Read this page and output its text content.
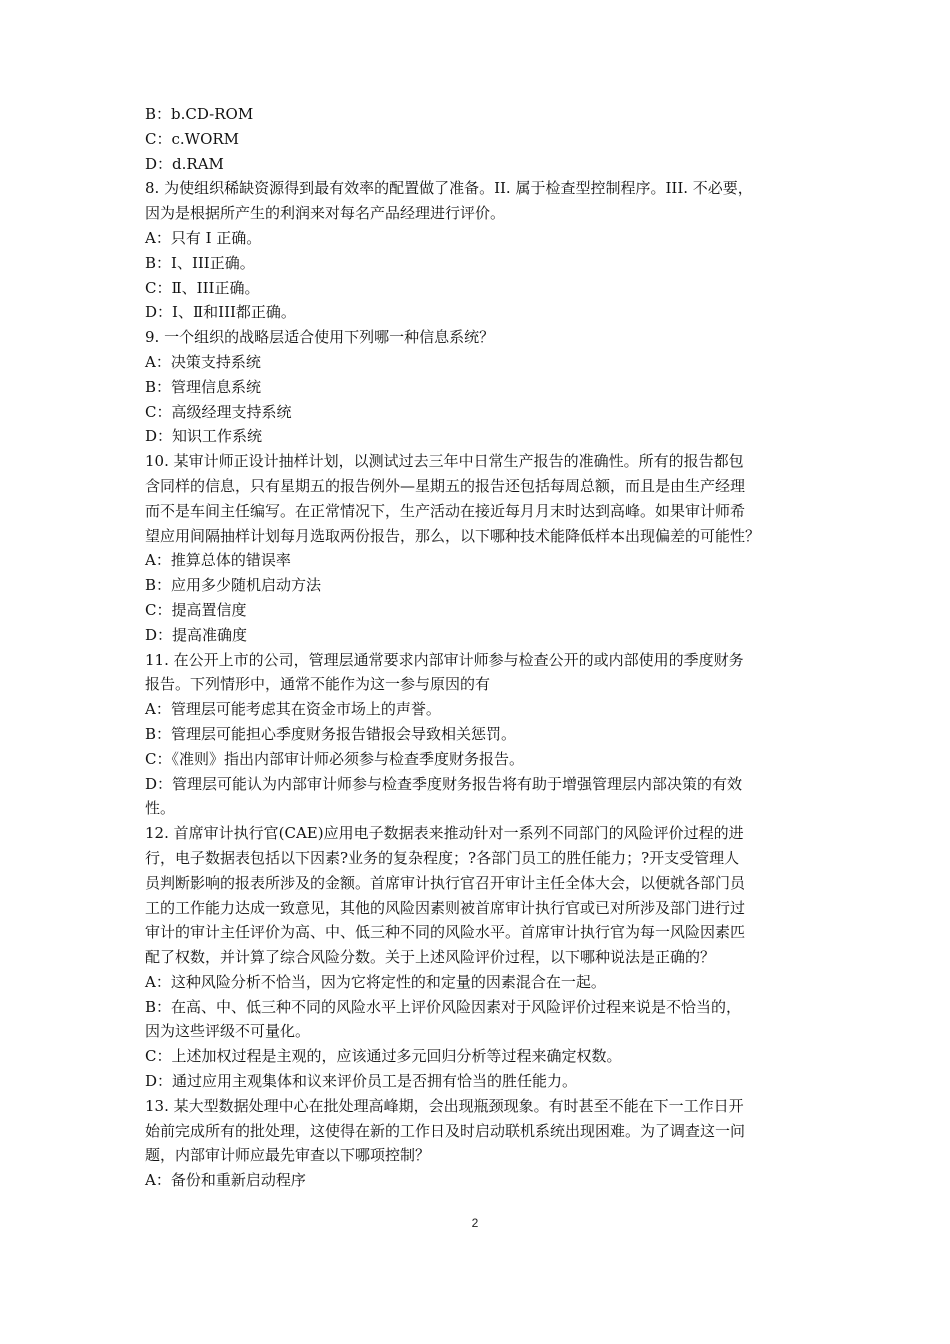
B：b.CD-ROM
C：c.WORM
D：d.RAM
8. 为使组织稀缺资源得到最有效率的配置做了准备。II. 属于检查型控制程序。III. 不必要，
因为是根据所产生的利润来对每名产品经理进行评价。
A：只有 I 正确。
B：I、III正确。
C：Ⅱ、III正确。
D：I、Ⅱ和III都正确。
9. 一个组织的战略层适合使用下列哪一种信息系统？
A：决策支持系统
B：管理信息系统
C：高级经理支持系统
D：知识工作系统
10. 某审计师正设计抽样计划，以测试过去三年中日常生产报告的准确性。所有的报告都包
含同样的信息，只有星期五的报告例外—星期五的报告还包括每周总额，而且是由生产经理
而不是车间主任编写。在正常情况下，生产活动在接近每月月末时达到高峰。如果审计师希
望应用间隔抽样计划每月选取两份报告，那么，以下哪种技术能降低样本出现偏差的可能性？
A：推算总体的错误率
B：应用多少随机启动方法
C：提高置信度
D：提高准确度
11. 在公开上市的公司，管理层通常要求内部审计师参与检查公开的或内部使用的季度财务
报告。下列情形中，通常不能作为这一参与原因的有
A：管理层可能考虑其在资金市场上的声誉。
B：管理层可能担心季度财务报告错报会导致相关惩罚。
C：《准则》指出内部审计师必须参与检查季度财务报告。
D：管理层可能认为内部审计师参与检查季度财务报告将有助于增强管理层内部决策的有效
性。
12. 首席审计执行官(CAE)应用电子数据表来推动针对一系列不同部门的风险评价过程的进
行，电子数据表包括以下因素?业务的复杂程度；?各部门员工的胜任能力；?开支受管理人
员判断影响的报表所涉及的金额。首席审计执行官召开审计主任全体大会，以便就各部门员
工的工作能力达成一致意见，其他的风险因素则被首席审计执行官或已对所涉及部门进行过
审计的审计主任评价为高、中、低三种不同的风险水平。首席审计执行官为每一风险因素匹
配了权数，并计算了综合风险分数。关于上述风险评价过程，以下哪种说法是正确的？
A：这种风险分析不恰当，因为它将定性的和定量的因素混合在一起。
B：在高、中、低三种不同的风险水平上评价风险因素对于风险评价过程来说是不恰当的，
因为这些评级不可量化。
C：上述加权过程是主观的，应该通过多元回归分析等过程来确定权数。
D：通过应用主观集体和议来评价员工是否拥有恰当的胜任能力。
13. 某大型数据处理中心在批处理高峰期，会出现瓶颈现象。有时甚至不能在下一工作日开
始前完成所有的批处理，这使得在新的工作日及时启动联机系统出现困难。为了调查这一问
题，内部审计师应最先审查以下哪项控制？
A：备份和重新启动程序
2
